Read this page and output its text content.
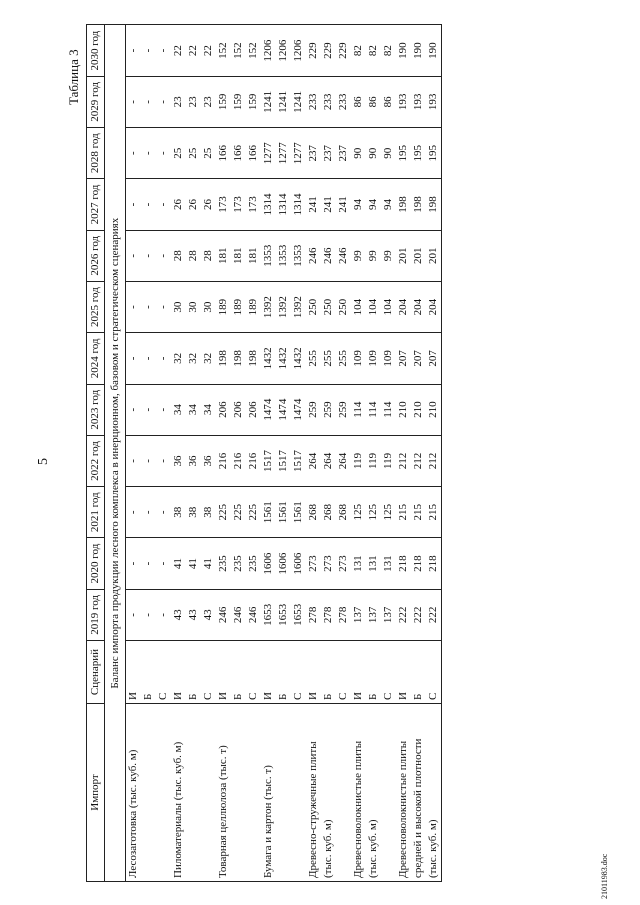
5
Таблица 3
Импорт	Сценарий	2019 год	2020 год	2021 год	2022 год	2023 год	2024 год	2025 год	2026 год	2027 год	2028 год	2029 год	2030 год
Баланс импорта продукции лесного комплекса в инерционном, базовом и стратегическом сценариях													
Лесозаготовка (тыс. куб. м)	И	-	-	-	-	-	-	-	-	-	-	-	-
	Б	-	-	-	-	-	-	-	-	-	-	-	-
	С	-	-	-	-	-	-	-	-	-	-	-	-
Пиломатериалы (тыс. куб. м)	И	43	41	38	36	34	32	30	28	26	25	23	22
	Б	43	41	38	36	34	32	30	28	26	25	23	22
	С	43	41	38	36	34	32	30	28	26	25	23	22
Товарная целлюлоза (тыс. т)	И	246	235	225	216	206	198	189	181	173	166	159	152
	Б	246	235	225	216	206	198	189	181	173	166	159	152
	С	246	235	225	216	206	198	189	181	173	166	159	152
Бумага и картон (тыс. т)	И	1653	1606	1561	1517	1474	1432	1392	1353	1314	1277	1241	1206
	Б	1653	1606	1561	1517	1474	1432	1392	1353	1314	1277	1241	1206
	С	1653	1606	1561	1517	1474	1432	1392	1353	1314	1277	1241	1206
Древесно-стружечные плиты	И	278	273	268	264	259	255	250	246	241	237	233	229
(тыс. куб. м)	Б	278	273	268	264	259	255	250	246	241	237	233	229
	С	278	273	268	264	259	255	250	246	241	237	233	229
Древесноволокнистые плиты	И	137	131	125	119	114	109	104	99	94	90	86	82
(тыс. куб. м)	Б	137	131	125	119	114	109	104	99	94	90	86	82
	С	137	131	125	119	114	109	104	99	94	90	86	82
Древесноволокнистые плиты	И	222	218	215	212	210	207	204	201	198	195	193	190
средней и высокой плотности	Б	222	218	215	212	210	207	204	201	198	195	193	190
(тыс. куб. м)	С	222	218	215	212	210	207	204	201	198	195	193	190
21011983.doc
